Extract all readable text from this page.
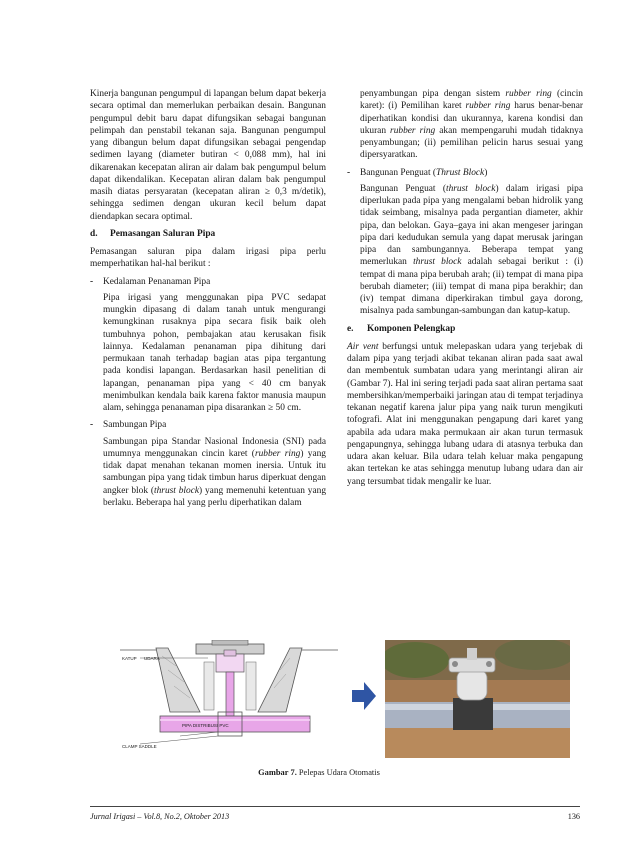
Kinerja bangunan pengumpul di lapangan belum dapat bekerja secara optimal dan memerlukan perbaikan desain. Bangunan pengumpul debit baru dapat difungsikan sebagai bangunan pelimpah dan penstabil tekanan saja. Bangunan pengumpul yang dibangun belum dapat difungsikan sebagai pengendap sedimen layang (diameter butiran < 0,088 mm), hal ini dikarenakan kecepatan aliran air dalam bak pengumpul belum dapat dikendalikan. Kecepatan aliran dalam bak pengumpul masih diatas persyaratan (kecepatan aliran ≥ 0,3 m/detik), sehingga sedimen dengan ukuran kecil belum dapat diendapkan secara optimal.

d.	Pemasangan Saluran Pipa

Pemasangan saluran pipa dalam irigasi pipa perlu memperhatikan hal-hal berikut :

-	Kedalaman Penanaman Pipa

Pipa irigasi yang menggunakan pipa PVC sedapat mungkin dipasang di dalam tanah untuk mengurangi kemungkinan rusaknya pipa secara fisik baik oleh tumbuhnya pohon, pembajakan atau kerusakan fisik lainnya. Kedalaman penanaman pipa dihitung dari permukaan tanah terhadap bagian atas pipa tergantung pada kondisi lapangan. Berdasarkan hasil penelitian di lapangan, penanaman pipa yang < 40 cm banyak menimbulkan kendala baik karena faktor manusia maupun alam, sehingga penanaman pipa disarankan ≥ 50 cm.

-	Sambungan Pipa

Sambungan pipa Standar Nasional Indonesia (SNI) pada umumnya menggunakan cincin karet (rubber ring) yang tidak dapat menahan tekanan momen inersia. Untuk itu sambungan pipa yang tidak timbun harus diperkuat dengan angker blok (thrust block) yang memenuhi ketentuan yang berlaku. Beberapa hal yang perlu diperhatikan dalam

penyambungan pipa dengan sistem rubber ring (cincin karet): (i) Pemilihan karet rubber ring harus benar-benar diperhatikan kondisi dan ukurannya, karena kondisi dan ukuran rubber ring akan mempengaruhi mudah tidaknya penyambungan; (ii) pemilihan pelicin harus sesuai yang dipersyaratkan.

-	Bangunan Penguat (Thrust Block)

Bangunan Penguat (thrust block) dalam irigasi pipa diperlukan pada pipa yang mengalami beban hidrolik yang tidak seimbang, misalnya pada pergantian diameter, akhir pipa, dan belokan. Gaya–gaya ini akan mengeser jaringan pipa dari kedudukan semula yang dapat merusak jaringan pipa dan sambungannya. Beberapa tempat yang memerlukan thrust block adalah sebagai berikut : (i) tempat di mana pipa berubah arah; (ii) tempat di mana pipa berubah diameter; (iii) tempat di mana pipa berakhir; dan (iv) tempat dimana diperkirakan timbul gaya dorong, misalnya pada sambungan-sambungan dan katup-katup.

e.	Komponen Pelengkap

Air vent berfungsi untuk melepaskan udara yang terjebak di dalam pipa yang terjadi akibat tekanan aliran pada saat awal dan membentuk sumbatan udara yang merintangi aliran air (Gambar 7). Hal ini sering terjadi pada saat aliran pertama saat membersihkan/memperbaiki jaringan atau di tempat terjadinya tekanan negatif karena jalur pipa yang naik turun mengikuti tofografi. Alat ini menggunakan pengapung dari karet yang apabila ada udara maka permukaan air akan turun termasuk pengapungnya, sehingga lubang udara di atasnya terbuka dan udara akan keluar. Bila udara telah keluar maka pengapung akan tertekan ke atas sehingga menutup lubang udara dan air yang tersumbat tidak mengalir ke luar.

KATUP UDARA
PIPA DISTRIBUSI PVC
CLAMP SADDLE
Gambar 7. Pelepas Udara Otomatis
Jurnal Irigasi – Vol.8, No.2, Oktober 2013	136
